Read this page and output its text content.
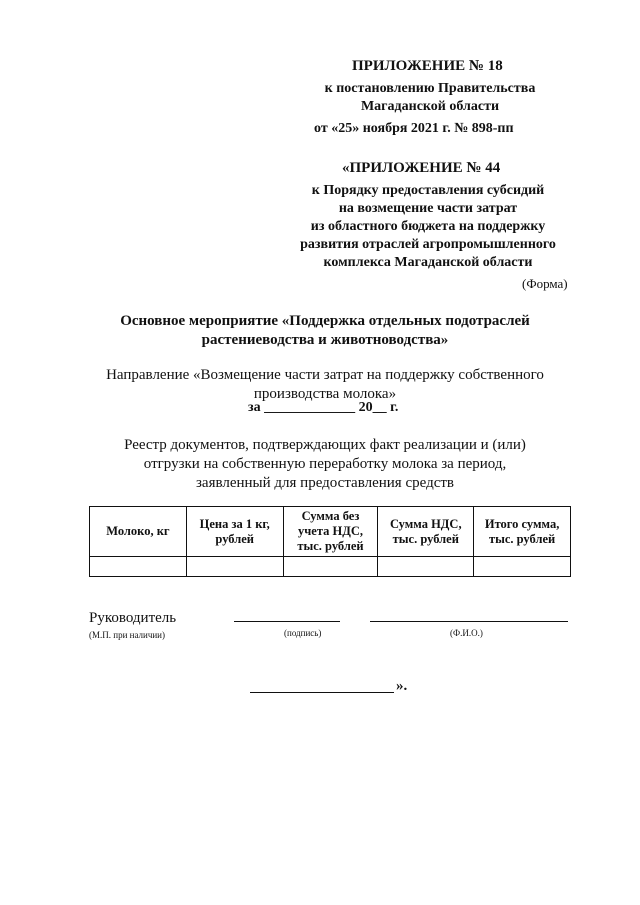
ПРИЛОЖЕНИЕ № 18
к постановлению Правительства
Магаданской области
от «25» ноября 2021 г. № 898-пп
«ПРИЛОЖЕНИЕ № 44
к Порядку предоставления субсидий
на возмещение части затрат
из областного бюджета на поддержку
развития отраслей агропромышленного
комплекса Магаданской области
(Форма)
Основное мероприятие «Поддержка отдельных подотраслей
растениеводства и животноводства»
Направление «Возмещение части затрат на поддержку собственного
производства молока»
за _____________ 20__ г.
Реестр документов, подтверждающих факт реализации и (или)
отгрузки на собственную переработку молока за период,
заявленный для предоставления средств
Молоко, кг	Цена за 1 кг, рублей	Сумма без учета НДС, тыс. рублей	Сумма НДС, тыс. рублей	Итого сумма, тыс. рублей

Руководитель
(М.П. при наличии)	(подпись)	(Ф.И.О.)
».
